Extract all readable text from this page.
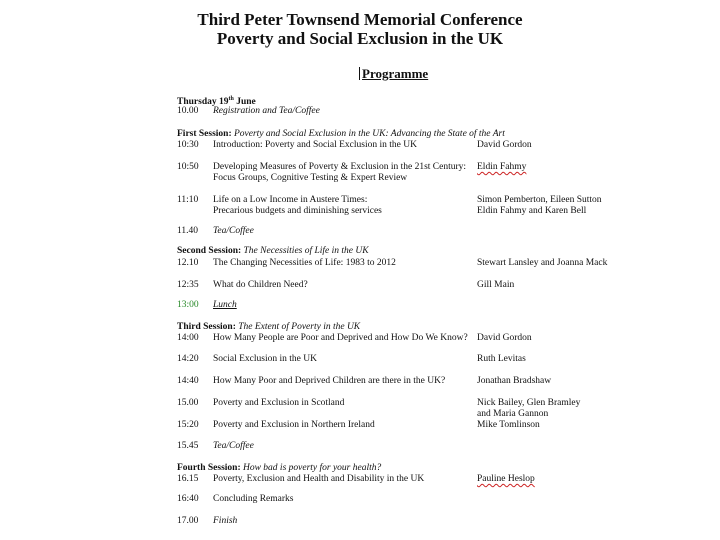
Third Peter Townsend Memorial Conference
Poverty and Social Exclusion in the UK
Programme
Thursday 19th June
10.00 Registration and Tea/Coffee
First Session: Poverty and Social Exclusion in the UK: Advancing the State of the Art
10:30 Introduction: Poverty and Social Exclusion in the UK	David Gordon
10:50 Developing Measures of Poverty & Exclusion in the 21st Century:	Eldin Fahmy
Focus Groups, Cognitive Testing & Expert Review
11:10 Life on a Low Income in Austere Times:	Simon Pemberton, Eileen Sutton
Precarious budgets and diminishing services	Eldin Fahmy and Karen Bell
11.40 Tea/Coffee
Second Session: The Necessities of Life in the UK
12.10 The Changing Necessities of Life: 1983 to 2012	Stewart Lansley and Joanna Mack
12:35 What do Children Need?	Gill Main
13:00 Lunch
Third Session: The Extent of Poverty in the UK
14:00 How Many People are Poor and Deprived and How Do We Know? David Gordon
14:20 Social Exclusion in the UK	Ruth Levitas
14:40 How Many Poor and Deprived Children are there in the UK?	Jonathan Bradshaw
15.00 Poverty and Exclusion in Scotland	Nick Bailey, Glen Bramley
and Maria Gannon
15:20 Poverty and Exclusion in Northern Ireland	Mike Tomlinson
15.45 Tea/Coffee
Fourth Session: How bad is poverty for your health?
16.15 Poverty, Exclusion and Health and Disability in the UK	Pauline Heslop
16:40 Concluding Remarks
17.00 Finish
